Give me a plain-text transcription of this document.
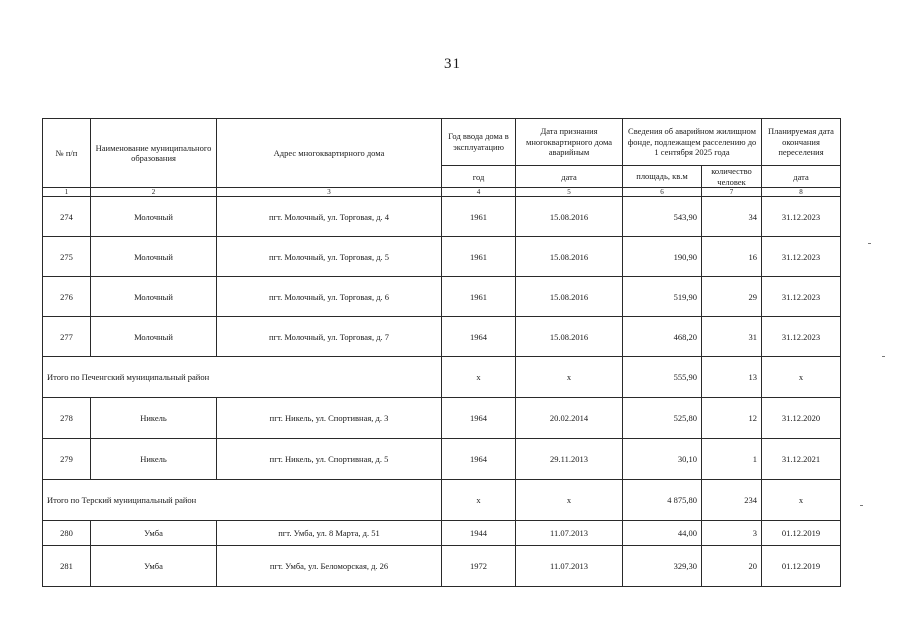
31
№ п/п	Наименование муниципального образования	Адрес многоквартирного дома	Год ввода дома в эксплуатацию	Дата признания многоквартирного дома аварийным	Сведения об аварийном жилищном фонде, подлежащем расселению до 1 сентября 2025 года		Планируемая дата окончания переселения
			год	дата	площадь, кв.м	количество человек	дата
1	2	3	4	5	6	7	8
274	Молочный	пгт. Молочный, ул. Торговая, д. 4	1961	15.08.2016	543,90	34	31.12.2023
275	Молочный	пгт. Молочный, ул. Торговая, д. 5	1961	15.08.2016	190,90	16	31.12.2023
276	Молочный	пгт. Молочный, ул. Торговая, д. 6	1961	15.08.2016	519,90	29	31.12.2023
277	Молочный	пгт. Молочный, ул. Торговая, д. 7	1964	15.08.2016	468,20	31	31.12.2023
Итого по Печенгский муниципальный район			х	х	555,90	13	х
278	Никель	пгт. Никель, ул. Спортивная, д. 3	1964	20.02.2014	525,80	12	31.12.2020
279	Никель	пгт. Никель, ул. Спортивная, д. 5	1964	29.11.2013	30,10	1	31.12.2021
Итого по Терский муниципальный район			х	х	4 875,80	234	х
280	Умба	пгт. Умба, ул. 8 Марта, д. 51	1944	11.07.2013	44,00	3	01.12.2019
281	Умба	пгт. Умба, ул. Беломорская, д. 26	1972	11.07.2013	329,30	20	01.12.2019
